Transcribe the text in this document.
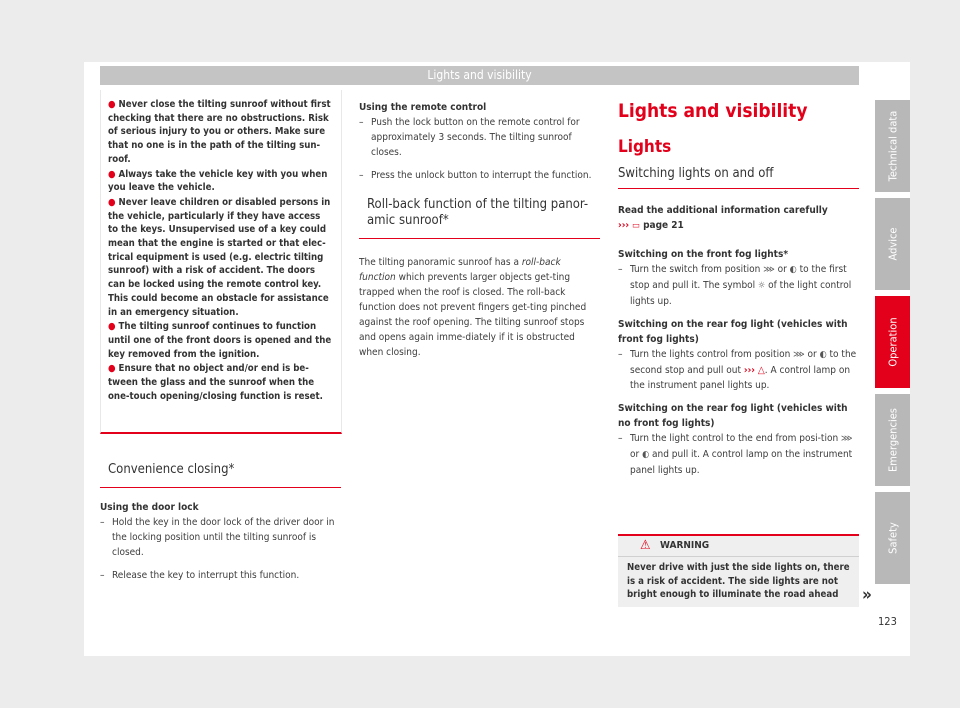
Lights and visibility
● Never close the tilting sunroof without first checking that there are no obstructions. Risk of serious injury to you or others. Make sure that no one is in the path of the tilting sun-roof.
● Always take the vehicle key with you when you leave the vehicle.
● Never leave children or disabled persons in the vehicle, particularly if they have access to the keys. Unsupervised use of a key could mean that the engine is started or that elec-trical equipment is used (e.g. electric tilting sunroof) with a risk of accident. The doors can be locked using the remote control key. This could become an obstacle for assistance in an emergency situation.
● The tilting sunroof continues to function until one of the front doors is opened and the key removed from the ignition.
● Ensure that no object and/or end is be-tween the glass and the sunroof when the one-touch opening/closing function is reset.
Convenience closing*
Using the door lock
– Hold the key in the door lock of the driver door in the locking position until the tilting sunroof is closed.
– Release the key to interrupt this function.
Using the remote control
– Push the lock button on the remote control for approximately 3 seconds. The tilting sunroof closes.
– Press the unlock button to interrupt the function.
Roll-back function of the tilting panor-amic sunroof*
The tilting panoramic sunroof has a roll-back function which prevents larger objects get-ting trapped when the roof is closed. The roll-back function does not prevent fingers get-ting pinched against the roof opening. The tilting sunroof stops and opens again imme-diately if it is obstructed when closing.
Lights and visibility
Lights
Switching lights on and off
Read the additional information carefully
››› ▭ page 21
Switching on the front fog lights*
– Turn the switch from position ⋙ or ◐ to the first stop and pull it. The symbol ☼ of the light control lights up.
Switching on the rear fog light (vehicles with front fog lights)
– Turn the lights control from position ⋙ or ◐ to the second stop and pull out ››› △. A control lamp on the instrument panel lights up.
Switching on the rear fog light (vehicles with no front fog lights)
– Turn the light control to the end from posi-tion ⋙ or ◐ and pull it. A control lamp on the instrument panel lights up.
⚠ WARNING
Never drive with just the side lights on, there is a risk of accident. The side lights are not bright enough to illuminate the road ahead	»
Technical data
Advice
Operation
Emergencies
Safety
123
